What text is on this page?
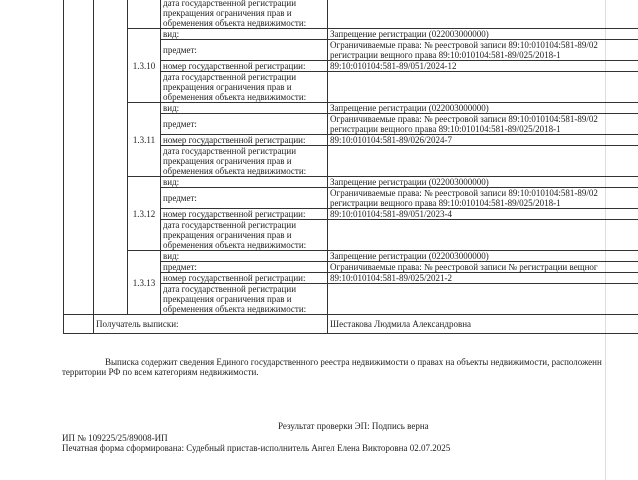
			дата государственной регистрации
прекращения ограничения прав и
обременения объекта недвижимости:	

		1.3.10	вид:	Запрещение регистрации (022003000000)

			предмет:	Ограничиваемые права: № реестровой записи 89:10:010104:581-89/02
регистрации вещного права 89:10:010104:581-89/025/2018-1

			номер государственной регистрации:	89:10:010104:581-89/051/2024-12

			дата государственной регистрации
прекращения ограничения прав и
обременения объекта недвижимости:	

		1.3.11	вид:	Запрещение регистрации (022003000000)

			предмет:	Ограничиваемые права: № реестровой записи 89:10:010104:581-89/02
регистрации вещного права 89:10:010104:581-89/025/2018-1

			номер государственной регистрации:	89:10:010104:581-89/026/2024-7

			дата государственной регистрации
прекращения ограничения прав и
обременения объекта недвижимости:	

		1.3.12	вид:	Запрещение регистрации (022003000000)

			предмет:	Ограничиваемые права: № реестровой записи 89:10:010104:581-89/02
регистрации вещного права 89:10:010104:581-89/025/2018-1

			номер государственной регистрации:	89:10:010104:581-89/051/2023-4

			дата государственной регистрации
прекращения ограничения прав и
обременения объекта недвижимости:	

		1.3.13	вид:	Запрещение регистрации (022003000000)

			предмет:	Ограничиваемые права: № реестровой записи № регистрации вещног

			номер государственной регистрации:	89:10:010104:581-89/025/2021-2

			дата государственной регистрации
прекращения ограничения прав и
обременения объекта недвижимости:	

	Получатель выписки:			Шестакова Людмила Александровна
Выписка содержит сведения Единого государственного реестра недвижимости о правах на объекты недвижимости, расположенн
территории РФ по всем категориям недвижимости.
Результат проверки ЭП: Подпись верна
ИП № 109225/25/89008-ИП
Печатная форма сформирована: Судебный пристав-исполнитель Ангел Елена Викторовна 02.07.2025
